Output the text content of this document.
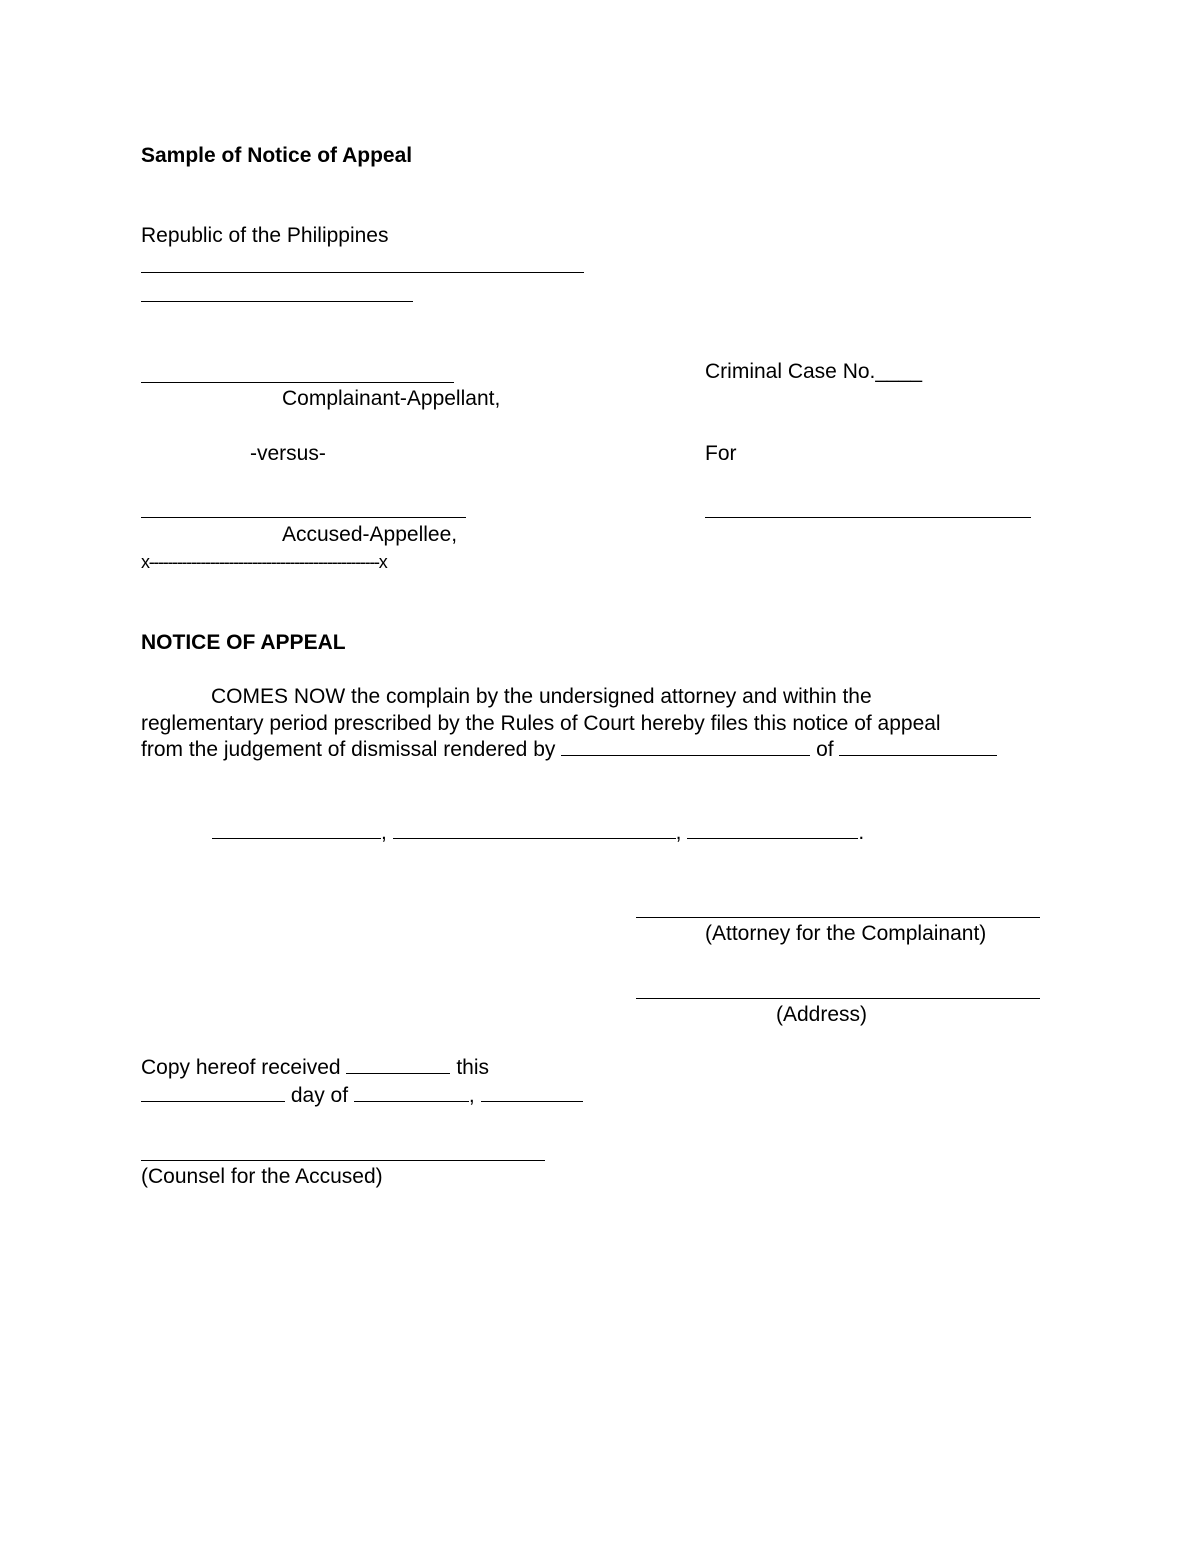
Sample of Notice of Appeal
Republic of the Philippines
Complainant-Appellant,
-versus-
Accused-Appellee,
x-------------------------------------------------x
Criminal Case No.____
For
NOTICE OF APPEAL
COMES NOW the complain by the undersigned attorney and within the
reglementary period prescribed by the Rules of Court hereby files this notice of appeal
from the judgement of dismissal rendered by	of
,	,	.
(Attorney for the Complainant)
(Address)
Copy hereof received	this
day of	,
(Counsel for the Accused)
